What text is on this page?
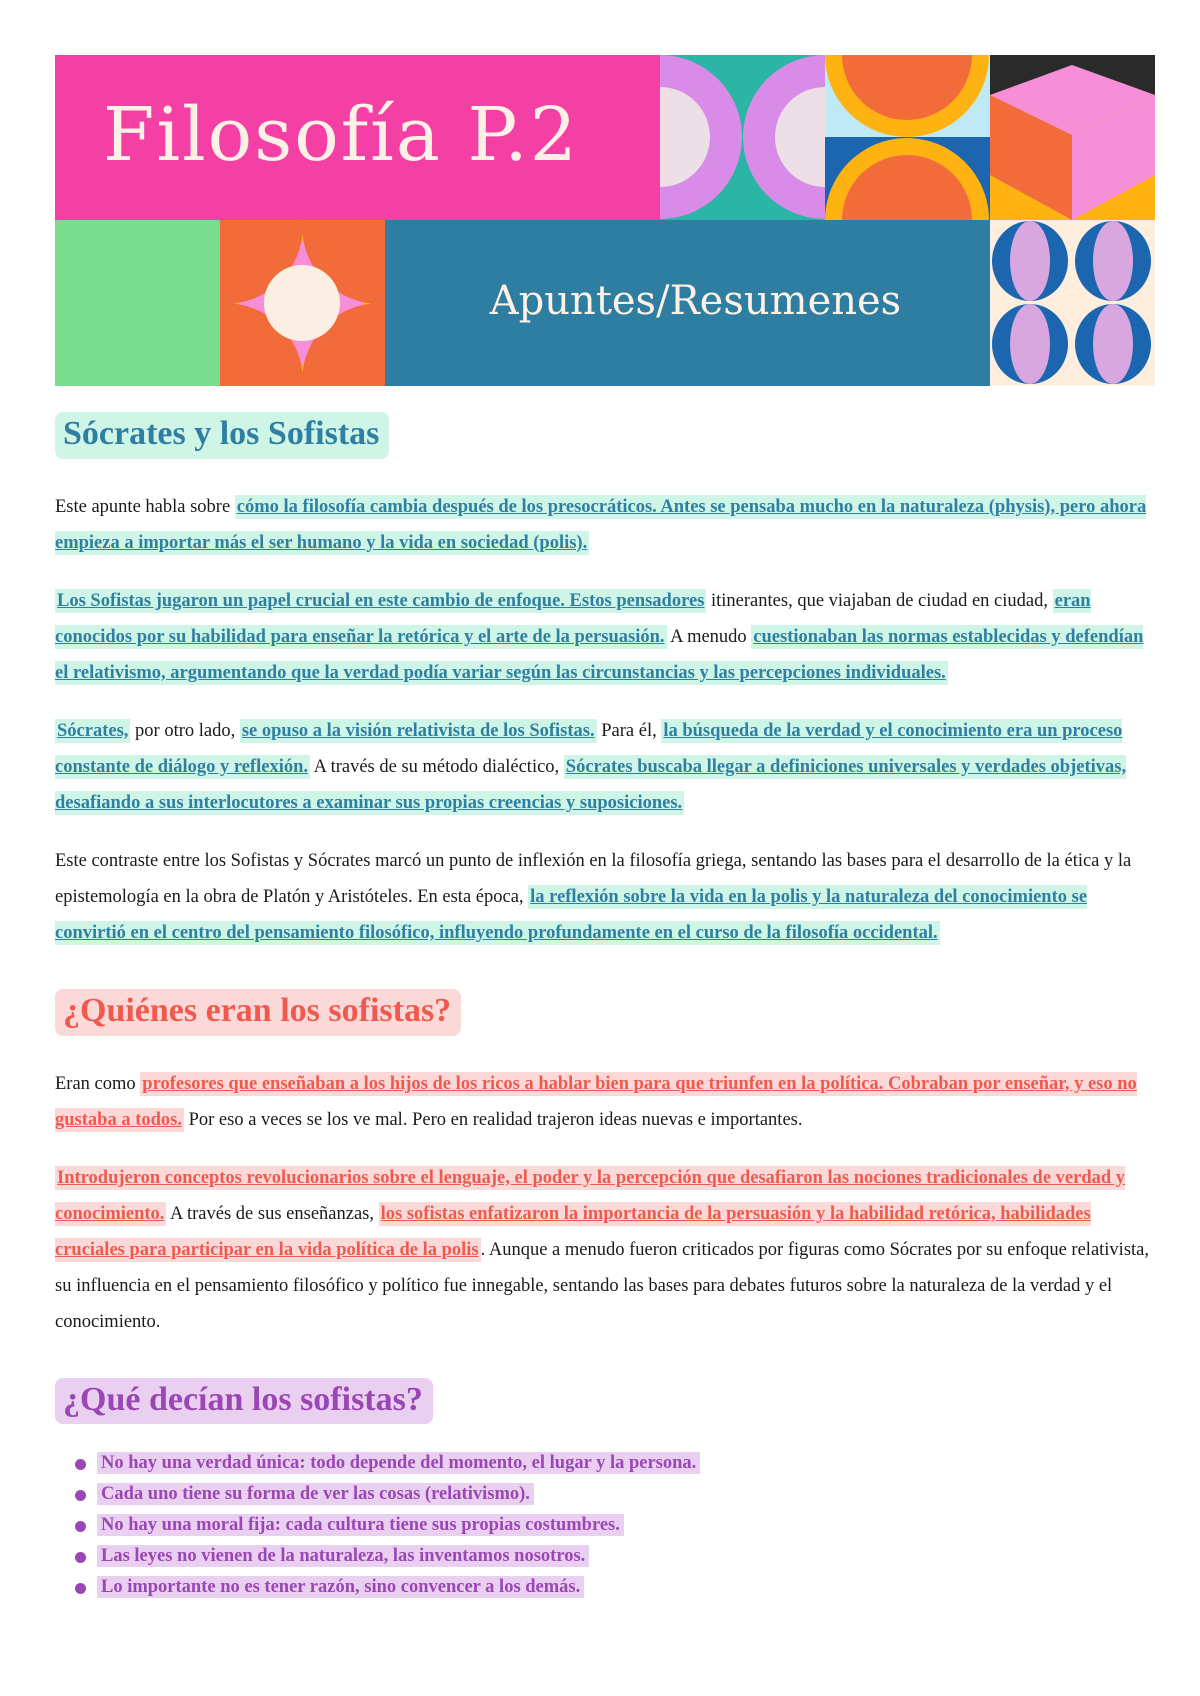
Filosofía P.2
Apuntes/Resumenes
Sócrates y los Sofistas

Este apunte habla sobre cómo la filosofía cambia después de los presocráticos. Antes se pensaba mucho en la naturaleza (physis), pero ahora empieza a importar más el ser humano y la vida en sociedad (polis).

Los Sofistas jugaron un papel crucial en este cambio de enfoque. Estos pensadores itinerantes, que viajaban de ciudad en ciudad, eran conocidos por su habilidad para enseñar la retórica y el arte de la persuasión. A menudo cuestionaban las normas establecidas y defendían el relativismo, argumentando que la verdad podía variar según las circunstancias y las percepciones individuales.

Sócrates, por otro lado, se opuso a la visión relativista de los Sofistas. Para él, la búsqueda de la verdad y el conocimiento era un proceso constante de diálogo y reflexión. A través de su método dialéctico, Sócrates buscaba llegar a definiciones universales y verdades objetivas, desafiando a sus interlocutores a examinar sus propias creencias y suposiciones.

Este contraste entre los Sofistas y Sócrates marcó un punto de inflexión en la filosofía griega, sentando las bases para el desarrollo de la ética y la epistemología en la obra de Platón y Aristóteles. En esta época, la reflexión sobre la vida en la polis y la naturaleza del conocimiento se convirtió en el centro del pensamiento filosófico, influyendo profundamente en el curso de la filosofía occidental.

¿Quiénes eran los sofistas?

Eran como profesores que enseñaban a los hijos de los ricos a hablar bien para que triunfen en la política. Cobraban por enseñar, y eso no gustaba a todos. Por eso a veces se los ve mal. Pero en realidad trajeron ideas nuevas e importantes.

Introdujeron conceptos revolucionarios sobre el lenguaje, el poder y la percepción que desafiaron las nociones tradicionales de verdad y conocimiento. A través de sus enseñanzas, los sofistas enfatizaron la importancia de la persuasión y la habilidad retórica, habilidades cruciales para participar en la vida política de la polis . Aunque a menudo fueron criticados por figuras como Sócrates por su enfoque relativista, su influencia en el pensamiento filosófico y político fue innegable, sentando las bases para debates futuros sobre la naturaleza de la verdad y el conocimiento.

¿Qué decían los sofistas?
No hay una verdad única: todo depende del momento, el lugar y la persona.
Cada uno tiene su forma de ver las cosas (relativismo).
No hay una moral fija: cada cultura tiene sus propias costumbres.
Las leyes no vienen de la naturaleza, las inventamos nosotros.
Lo importante no es tener razón, sino convencer a los demás.
